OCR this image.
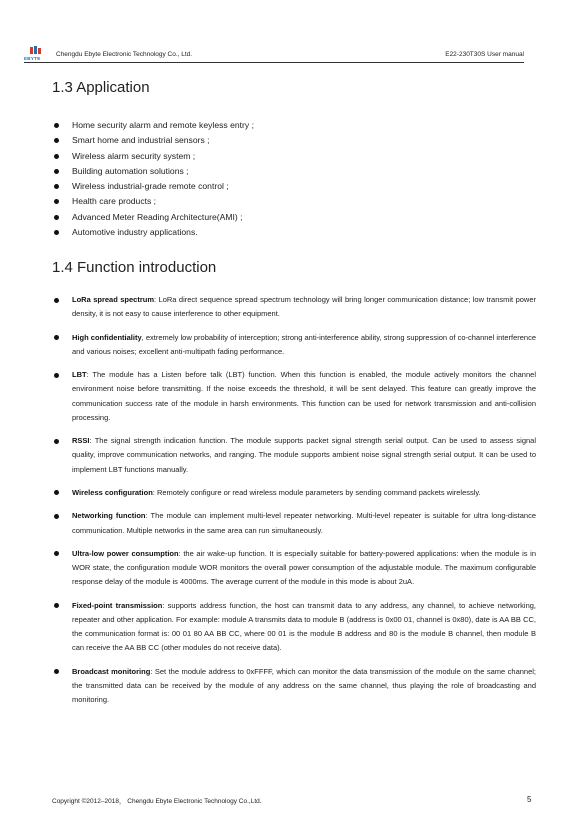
EBYTE
Chengdu Ebyte Electronic Technology Co., Ltd.	E22-230T30S User manual
1.3 Application
Home security alarm and remote keyless entry ;
Smart home and industrial sensors ;
Wireless alarm security system ;
Building automation solutions ;
Wireless industrial-grade remote control ;
Health care products ;
Advanced Meter Reading Architecture(AMI) ;
Automotive industry applications.
1.4 Function introduction
LoRa spread spectrum: LoRa direct sequence spread spectrum technology will bring longer communication distance; low transmit power density, it is not easy to cause interference to other equipment.
High confidentiality, extremely low probability of interception; strong anti-interference ability, strong suppression of co-channel interference and various noises; excellent anti-multipath fading performance.
LBT: The module has a Listen before talk (LBT) function. When this function is enabled, the module actively monitors the channel environment noise before transmitting. If the noise exceeds the threshold, it will be sent delayed. This feature can greatly improve the communication success rate of the module in harsh environments. This function can be used for network transmission and anti-collision processing.
RSSI: The signal strength indication function. The module supports packet signal strength serial output. Can be used to assess signal quality, improve communication networks, and ranging. The module supports ambient noise signal strength serial output. It can be used to implement LBT functions manually.
Wireless configuration: Remotely configure or read wireless module parameters by sending command packets wirelessly.
Networking function: The module can implement multi-level repeater networking. Multi-level repeater is suitable for ultra long-distance communication. Multiple networks in the same area can run simultaneously.
Ultra-low power consumption: the air wake-up function. It is especially suitable for battery-powered applications: when the module is in WOR state, the configuration module WOR monitors the overall power consumption of the adjustable module. The maximum configurable response delay of the module is 4000ms. The average current of the module in this mode is about 2uA.
Fixed-point transmission: supports address function, the host can transmit data to any address, any channel, to achieve networking, repeater and other application. For example: module A transmits data to module B (address is 0x00 01, channel is 0x80), date is AA BB CC, the communication format is: 00 01 80 AA BB CC, where 00 01 is the module B address and 80 is the module B channel, then module B can receive the AA BB CC (other modules do not receive data).
Broadcast monitoring: Set the module address to 0xFFFF, which can monitor the data transmission of the module on the same channel; the transmitted data can be received by the module of any address on the same channel, thus playing the role of broadcasting and monitoring.
Copyright ©2012–2018， Chengdu Ebyte Electronic Technology Co.,Ltd.	5
